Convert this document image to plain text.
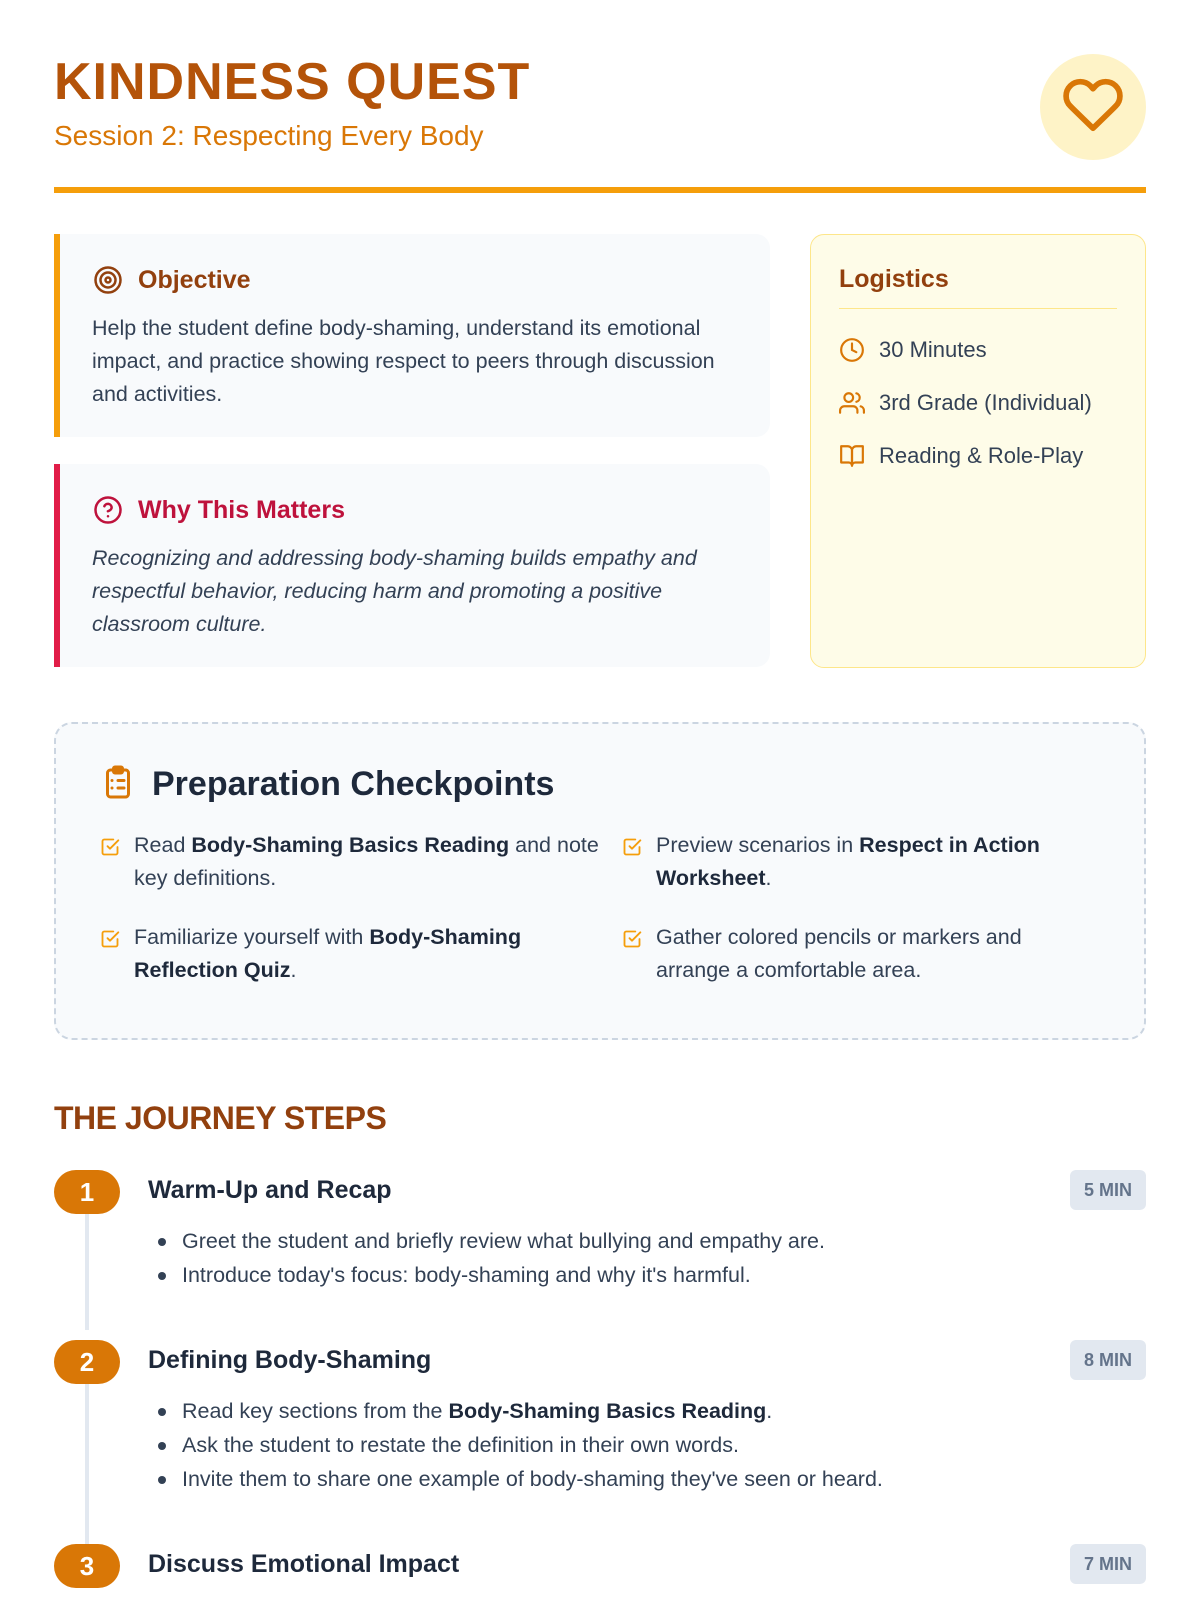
KINDNESS QUEST
Session 2: Respecting Every Body
Objective

Help the student define body-shaming, understand its emotional impact, and practice showing respect to peers through discussion and activities.

Why This Matters

Recognizing and addressing body-shaming builds empathy and respectful behavior, reducing harm and promoting a positive classroom culture.

Logistics
30 Minutes
3rd Grade (Individual)
Reading & Role-Play
Preparation Checkpoints
Read Body-Shaming Basics Reading and note key definitions.
Preview scenarios in Respect in Action Worksheet.
Familiarize yourself with Body-Shaming Reflection Quiz.
Gather colored pencils or markers and arrange a comfortable area.
THE JOURNEY STEPS
1	Warm-Up and Recap	5 MIN
Greet the student and briefly review what bullying and empathy are.
Introduce today's focus: body-shaming and why it's harmful.
2	Defining Body-Shaming	8 MIN
Read key sections from the Body-Shaming Basics Reading.
Ask the student to restate the definition in their own words.
Invite them to share one example of body-shaming they've seen or heard.
3	Discuss Emotional Impact	7 MIN
